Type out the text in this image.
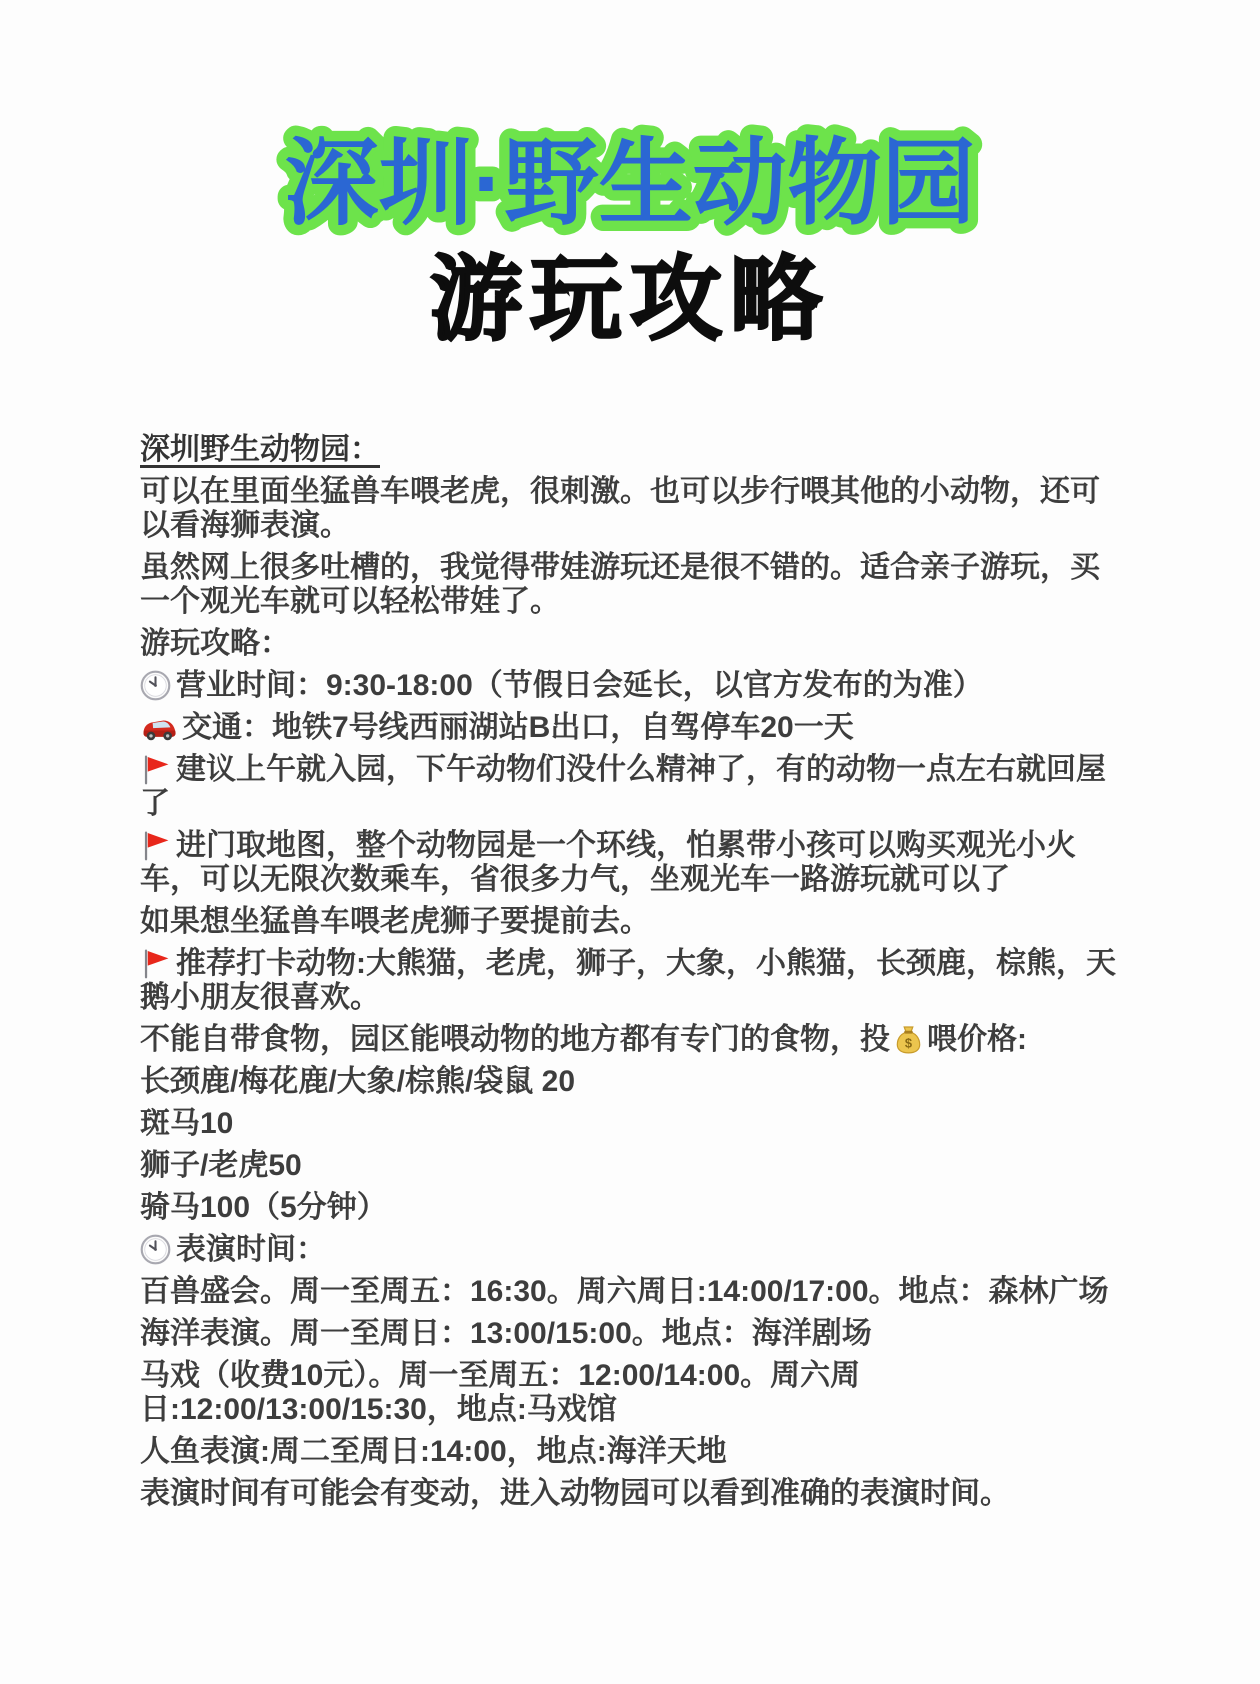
深圳·野生动物园
游玩攻略

深圳野生动物园：

可以在里面坐猛兽车喂老虎，很刺激。也可以步行喂其他的小动物，还可以看海狮表演。

虽然网上很多吐槽的，我觉得带娃游玩还是很不错的。适合亲子游玩，买一个观光车就可以轻松带娃了。

游玩攻略：

营业时间：9:30-18:00（节假日会延长，以官方发布的为准）

交通：地铁7号线西丽湖站B出口，自驾停车20一天

建议上午就入园，下午动物们没什么精神了，有的动物一点左右就回屋了

进门取地图，整个动物园是一个环线，怕累带小孩可以购买观光小火车，可以无限次数乘车，省很多力气，坐观光车一路游玩就可以了

如果想坐猛兽车喂老虎狮子要提前去。

推荐打卡动物:大熊猫，老虎，狮子，大象，小熊猫，长颈鹿，棕熊，天鹅小朋友很喜欢。

不能自带食物，园区能喂动物的地方都有专门的食物，投 $ 喂价格:

长颈鹿/梅花鹿/大象/棕熊/袋鼠 20

斑马10

狮子/老虎50

骑马100（5分钟）

表演时间：

百兽盛会。周一至周五：16:30。周六周日:14:00/17:00。地点：森林广场

海洋表演。周一至周日：13:00/15:00。地点：海洋剧场

马戏（收费10元）。周一至周五：12:00/14:00。周六周日:12:00/13:00/15:30，地点:马戏馆

人鱼表演:周二至周日:14:00，地点:海洋天地

表演时间有可能会有变动，进入动物园可以看到准确的表演时间。
